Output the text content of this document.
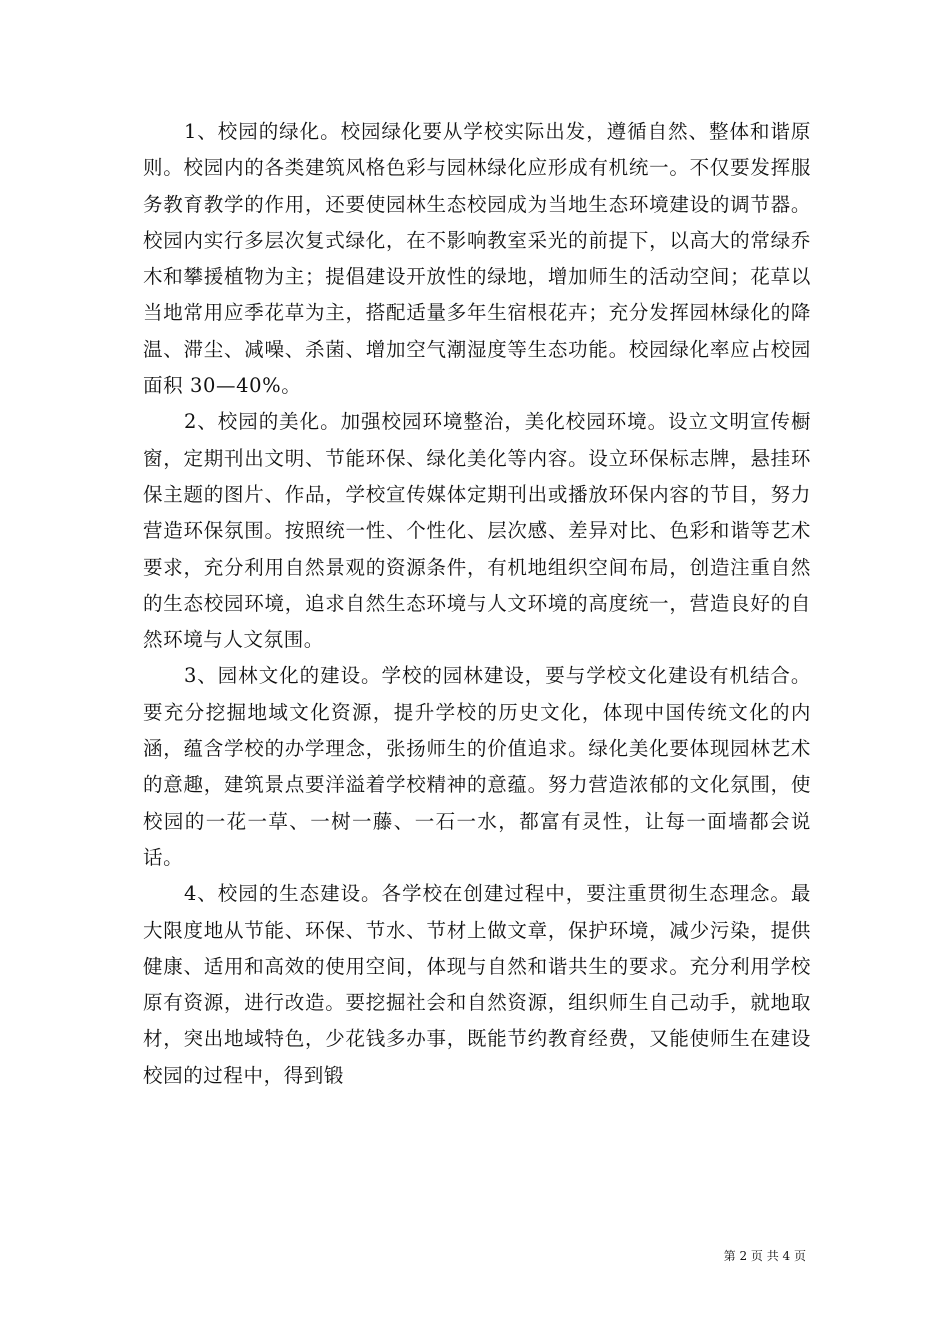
1、校园的绿化。校园绿化要从学校实际出发，遵循自然、整体和谐原则。校园内的各类建筑风格色彩与园林绿化应形成有机统一。不仅要发挥服务教育教学的作用，还要使园林生态校园成为当地生态环境建设的调节器。校园内实行多层次复式绿化，在不影响教室采光的前提下，以高大的常绿乔木和攀援植物为主；提倡建设开放性的绿地，增加师生的活动空间；花草以当地常用应季花草为主，搭配适量多年生宿根花卉；充分发挥园林绿化的降温、滞尘、减噪、杀菌、增加空气潮湿度等生态功能。校园绿化率应占校园面积 30—40%。

2、校园的美化。加强校园环境整治，美化校园环境。设立文明宣传橱窗，定期刊出文明、节能环保、绿化美化等内容。设立环保标志牌，悬挂环保主题的图片、作品，学校宣传媒体定期刊出或播放环保内容的节目，努力营造环保氛围。按照统一性、个性化、层次感、差异对比、色彩和谐等艺术要求，充分利用自然景观的资源条件，有机地组织空间布局，创造注重自然的生态校园环境，追求自然生态环境与人文环境的高度统一，营造良好的自然环境与人文氛围。

3、园林文化的建设。学校的园林建设，要与学校文化建设有机结合。要充分挖掘地域文化资源，提升学校的历史文化，体现中国传统文化的内涵，蕴含学校的办学理念，张扬师生的价值追求。绿化美化要体现园林艺术的意趣，建筑景点要洋溢着学校精神的意蕴。努力营造浓郁的文化氛围，使校园的一花一草、一树一藤、一石一水，都富有灵性，让每一面墙都会说话。

4、校园的生态建设。各学校在创建过程中，要注重贯彻生态理念。最大限度地从节能、环保、节水、节材上做文章，保护环境，减少污染，提供健康、适用和高效的使用空间，体现与自然和谐共生的要求。充分利用学校原有资源，进行改造。要挖掘社会和自然资源，组织师生自己动手，就地取材，突出地域特色，少花钱多办事，既能节约教育经费，又能使师生在建设校园的过程中，得到锻

第 2 页 共 4 页
